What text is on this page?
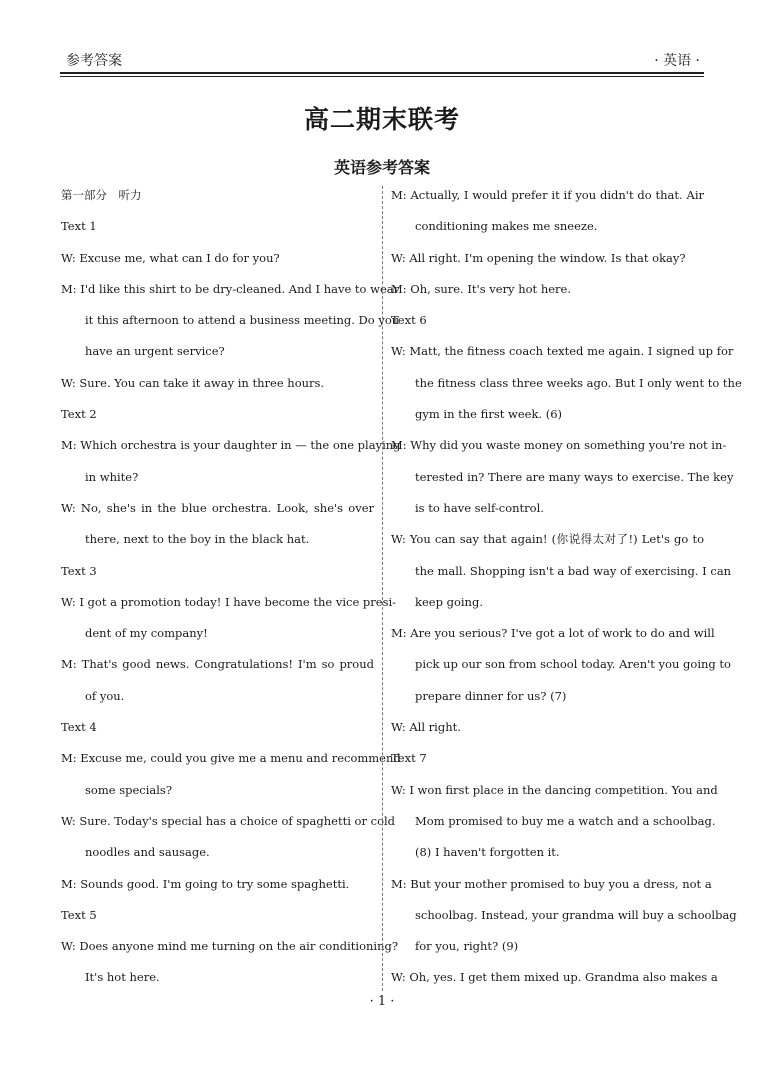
参考答案	· 英语 ·
高二期末联考
英语参考答案
第一部分　听力
Text 1
W: Excuse me, what can I do for you?
M: I'd like this shirt to be dry-cleaned. And I have to wear
it this afternoon to attend a business meeting. Do you
have an urgent service?
W: Sure. You can take it away in three hours.
Text 2
M: Which orchestra is your daughter in — the one playing
in white?
W: No, she's in the blue orchestra. Look, she's over
there, next to the boy in the black hat.
Text 3
W: I got a promotion today! I have become the vice presi-
dent of my company!
M: That's good news. Congratulations! I'm so proud
of you.
Text 4
M: Excuse me, could you give me a menu and recommend
some specials?
W: Sure. Today's special has a choice of spaghetti or cold
noodles and sausage.
M: Sounds good. I'm going to try some spaghetti.
Text 5
W: Does anyone mind me turning on the air conditioning?
It's hot here.
M: Actually, I would prefer it if you didn't do that. Air
conditioning makes me sneeze.
W: All right. I'm opening the window. Is that okay?
M: Oh, sure. It's very hot here.
Text 6
W: Matt, the fitness coach texted me again. I signed up for
the fitness class three weeks ago. But I only went to the
gym in the first week. (6)
M: Why did you waste money on something you're not in-
terested in? There are many ways to exercise. The key
is to have self-control.
W: You can say that again! (你说得太对了!) Let's go to
the mall. Shopping isn't a bad way of exercising. I can
keep going.
M: Are you serious? I've got a lot of work to do and will
pick up our son from school today. Aren't you going to
prepare dinner for us? (7)
W: All right.
Text 7
W: I won first place in the dancing competition. You and
Mom promised to buy me a watch and a schoolbag.
(8) I haven't forgotten it.
M: But your mother promised to buy you a dress, not a
schoolbag. Instead, your grandma will buy a schoolbag
for you, right? (9)
W: Oh, yes. I get them mixed up. Grandma also makes a
· 1 ·
